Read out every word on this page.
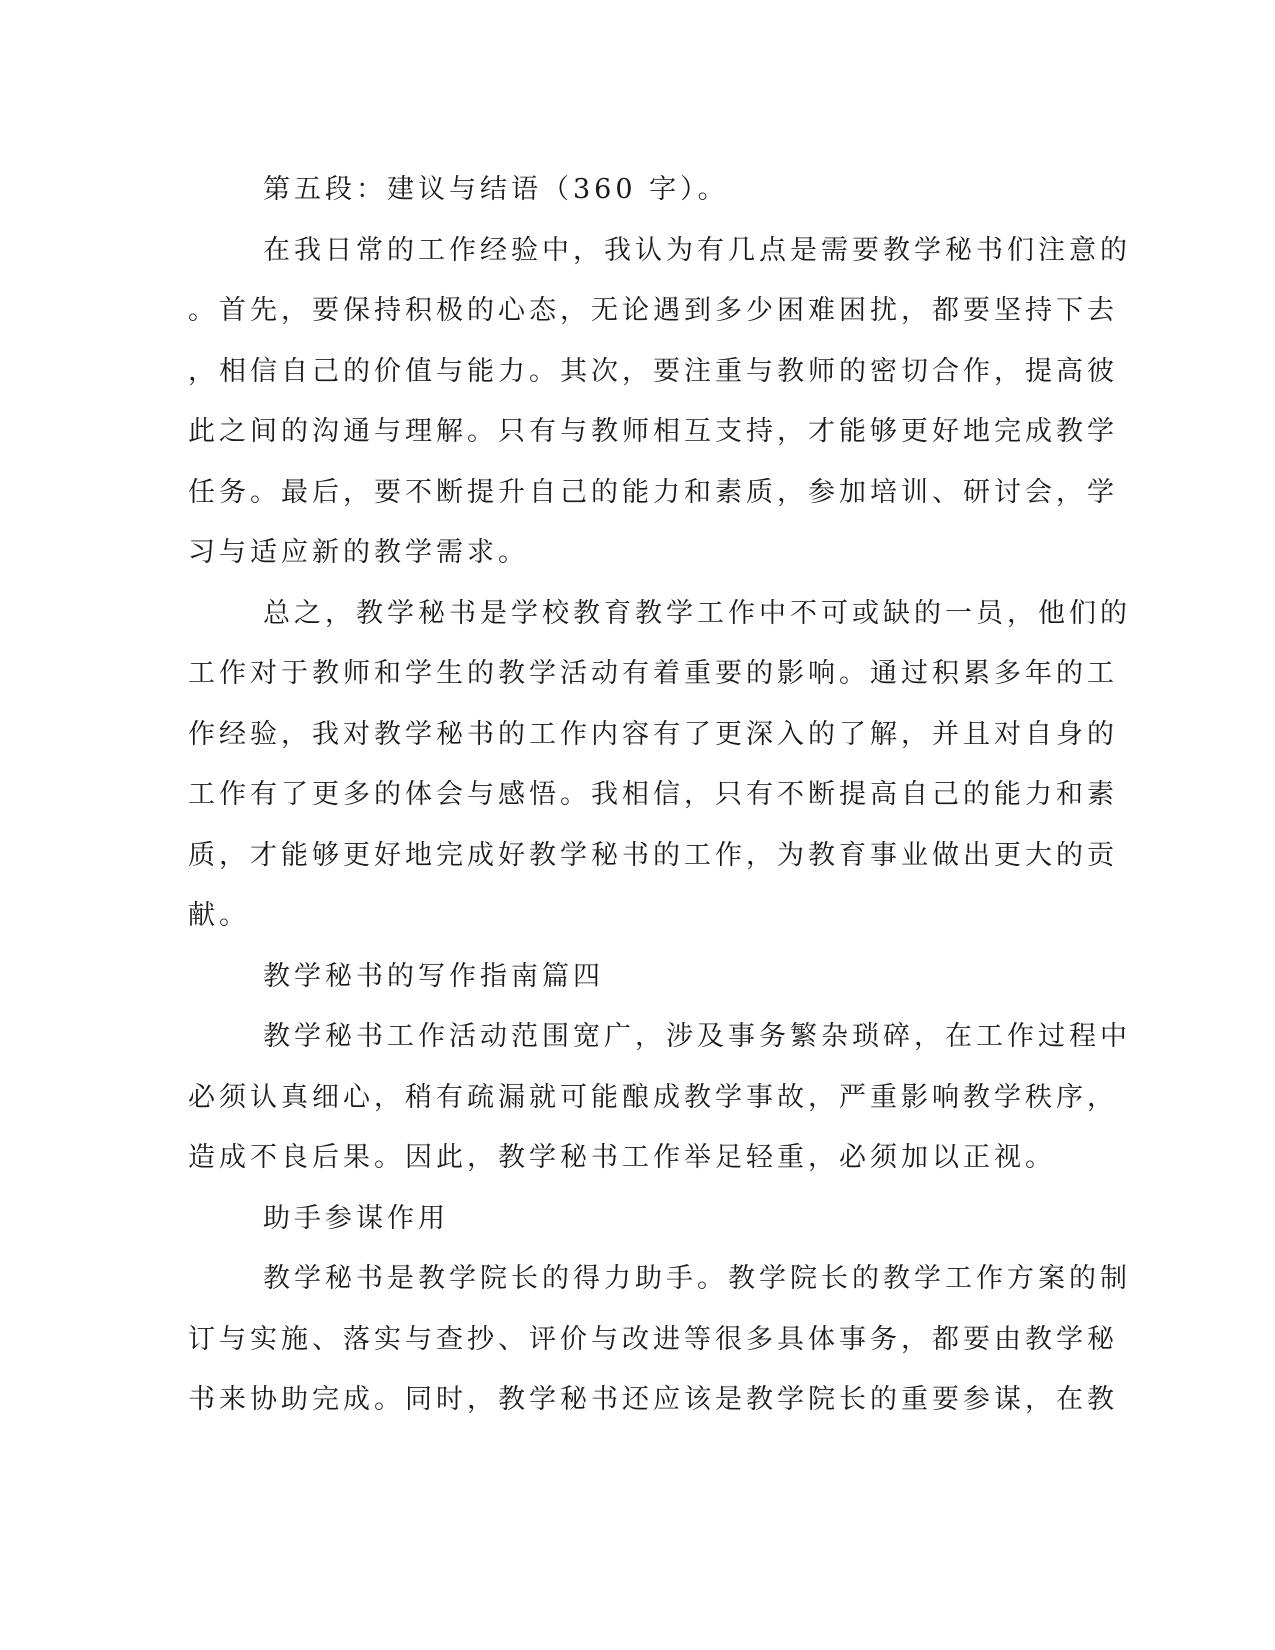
第五段：建议与结语（360 字）。
在我日常的工作经验中，我认为有几点是需要教学秘书们注意的
。首先，要保持积极的心态，无论遇到多少困难困扰，都要坚持下去
，相信自己的价值与能力。其次，要注重与教师的密切合作，提高彼
此之间的沟通与理解。只有与教师相互支持，才能够更好地完成教学
任务。最后，要不断提升自己的能力和素质，参加培训、研讨会，学
习与适应新的教学需求。
总之，教学秘书是学校教育教学工作中不可或缺的一员，他们的
工作对于教师和学生的教学活动有着重要的影响。通过积累多年的工
作经验，我对教学秘书的工作内容有了更深入的了解，并且对自身的
工作有了更多的体会与感悟。我相信，只有不断提高自己的能力和素
质，才能够更好地完成好教学秘书的工作，为教育事业做出更大的贡
献。
教学秘书的写作指南篇四
教学秘书工作活动范围宽广，涉及事务繁杂琐碎，在工作过程中
必须认真细心，稍有疏漏就可能酿成教学事故，严重影响教学秩序，
造成不良后果。因此，教学秘书工作举足轻重，必须加以正视。
助手参谋作用
教学秘书是教学院长的得力助手。教学院长的教学工作方案的制
订与实施、落实与查抄、评价与改进等很多具体事务，都要由教学秘
书来协助完成。同时，教学秘书还应该是教学院长的重要参谋，在教
